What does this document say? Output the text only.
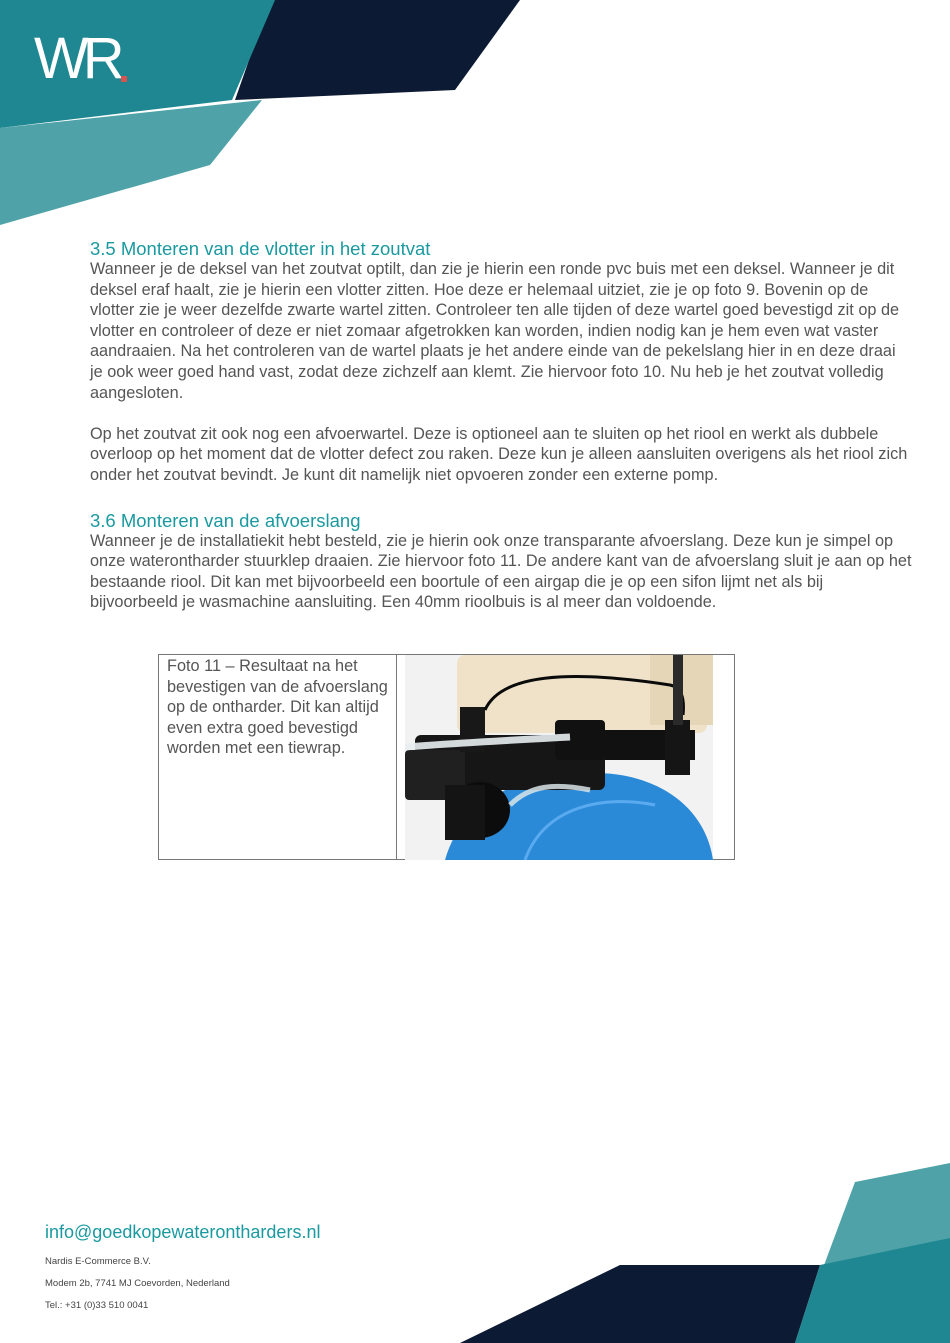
WR
3.5 Monteren van de vlotter in het zoutvat

Wanneer je de deksel van het zoutvat optilt, dan zie je hierin een ronde pvc buis met een deksel. Wanneer je dit deksel eraf haalt, zie je hierin een vlotter zitten. Hoe deze er helemaal uitziet, zie je op foto 9. Bovenin op de vlotter zie je weer dezelfde zwarte wartel zitten. Controleer ten alle tijden of deze wartel goed bevestigd zit op de vlotter en controleer of deze er niet zomaar afgetrokken kan worden, indien nodig kan je hem even wat vaster aandraaien. Na het controleren van de wartel plaats je het andere einde van de pekelslang hier in en deze draai je ook weer goed hand vast, zodat deze zichzelf aan klemt. Zie hiervoor foto 10. Nu heb je het zoutvat volledig aangesloten.

Op het zoutvat zit ook nog een afvoerwartel. Deze is optioneel aan te sluiten op het riool en werkt als dubbele overloop op het moment dat de vlotter defect zou raken. Deze kun je alleen aansluiten overigens als het riool zich onder het zoutvat bevindt. Je kunt dit namelijk niet opvoeren zonder een externe pomp.

3.6 Monteren van de afvoerslang

Wanneer je de installatiekit hebt besteld, zie je hierin ook onze transparante afvoerslang. Deze kun je simpel op onze waterontharder stuurklep draaien. Zie hiervoor foto 11. De andere kant van de afvoerslang sluit je aan op het bestaande riool. Dit kan met bijvoorbeeld een boortule of een airgap die je op een sifon lijmt net als bij bijvoorbeeld je wasmachine aansluiting. Een 40mm rioolbuis is al meer dan voldoende.

Foto 11 – Resultaat na het bevestigen van de afvoerslang op de ontharder. Dit kan altijd even extra goed bevestigd worden met een tiewrap.
info@goedkopewaterontharders.nl
Nardis E-Commerce B.V.
Modem 2b, 7741 MJ Coevorden, Nederland
Tel.: +31 (0)33 510 0041
